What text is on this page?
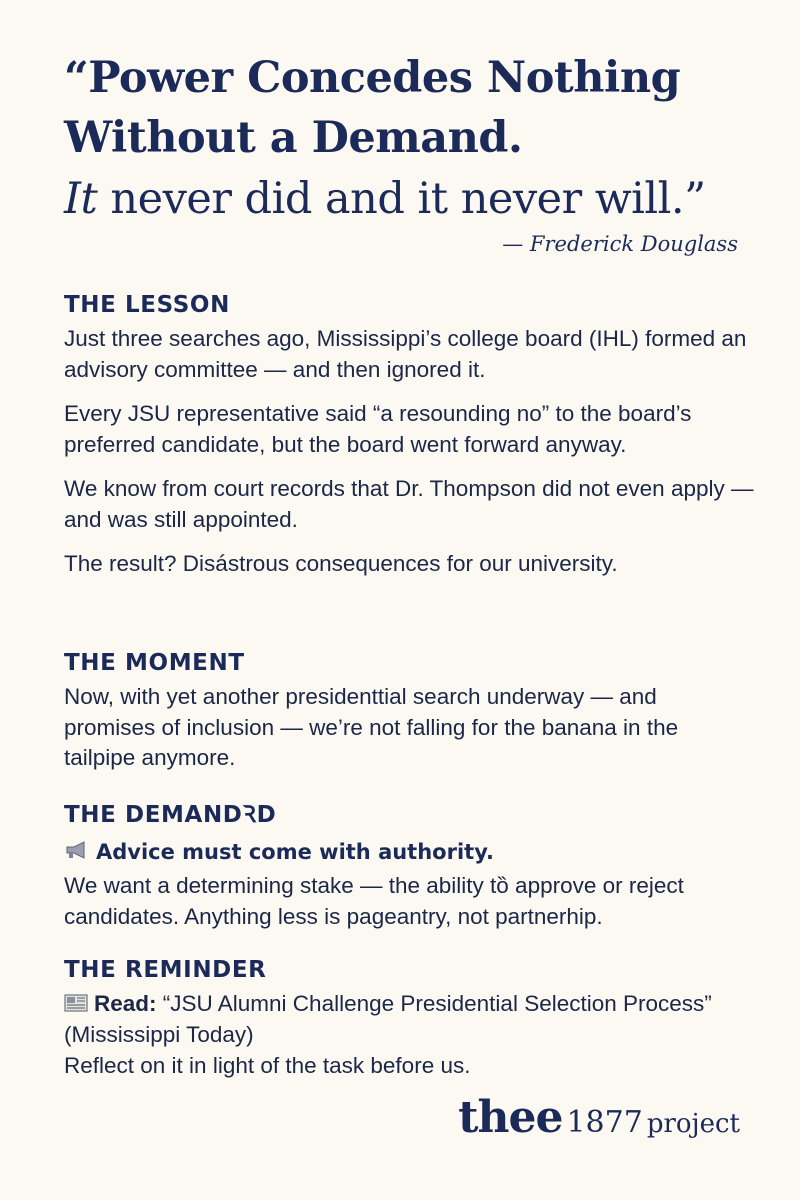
“Power Concedes Nothing
Without a Demand.
It never did and it never will.”
— Frederick Douglass

THE LESSON

Just three searches ago, Mississippi’s college board (IHL) formed an advisory committee — and then ignored it.

Every JSU representative said “a resounding no” to the board’s preferred candidate, but the board went forward anyway.

We know from court records that Dr. Thompson did not even apply — and was still appointed.

The result? Disástrous consequences for our university.

THE MOMENT

Now, with yet another presidenttial search underway — and promises of inclusion — we’re not falling for the banana in the tailpipe anymore.

THE DEMANDꝚD

Advice must come with authority.

We want a determining stake — the ability tȍ approve or reject candidates. Anything less is pageantry, not partnerhip.

THE REMINDER

Read: “JSU Alumni Challenge Presidential Selection Process” (Mississippi Today)

Reflect on it in light of the task before us.

thee 1877 project
